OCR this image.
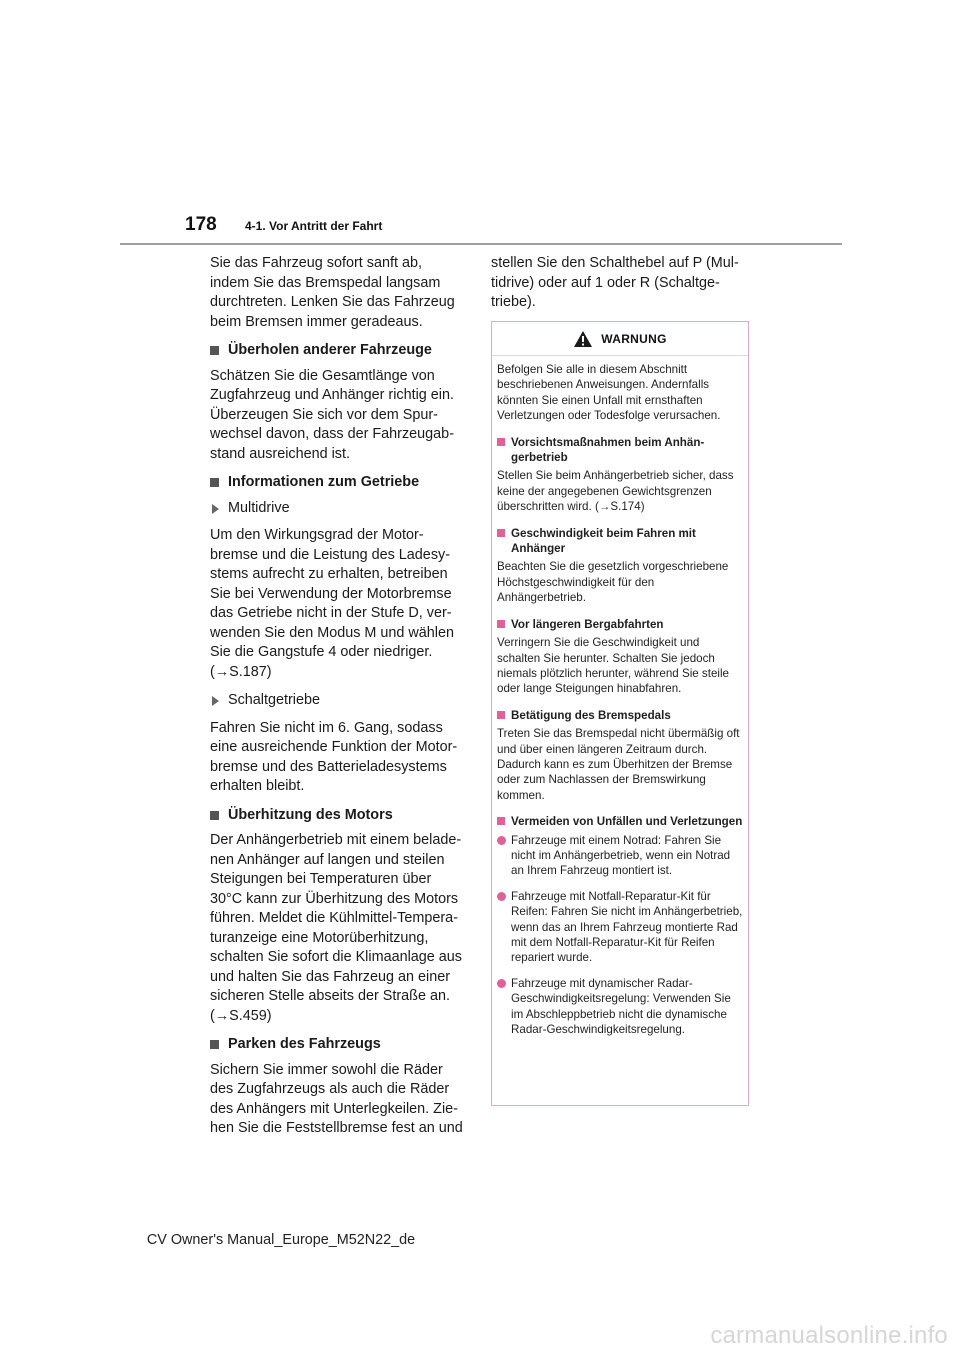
178 4-1. Vor Antritt der Fahrt

Sie das Fahrzeug sofort sanft ab, indem Sie das Bremspedal langsam durchtreten. Lenken Sie das Fahrzeug beim Bremsen immer geradeaus.

Überholen anderer Fahrzeuge

Schätzen Sie die Gesamtlänge von Zugfahrzeug und Anhänger richtig ein. Überzeugen Sie sich vor dem Spurwechsel davon, dass der Fahrzeugabstand ausreichend ist.

Informationen zum Getriebe
Multidrive

Um den Wirkungsgrad der Motorbremse und die Leistung des Ladesystems aufrecht zu erhalten, betreiben Sie bei Verwendung der Motorbremse das Getriebe nicht in der Stufe D, verwenden Sie den Modus M und wählen Sie die Gangstufe 4 oder niedriger. (→S.187)

Schaltgetriebe

Fahren Sie nicht im 6. Gang, sodass eine ausreichende Funktion der Motorbremse und des Batterieladesystems erhalten bleibt.

Überhitzung des Motors

Der Anhängerbetrieb mit einem beladenen Anhänger auf langen und steilen Steigungen bei Temperaturen über 30°C kann zur Überhitzung des Motors führen. Meldet die Kühlmittel-Temperaturanzeige eine Motorüberhitzung, schalten Sie sofort die Klimaanlage aus und halten Sie das Fahrzeug an einer sicheren Stelle abseits der Straße an. (→S.459)

Parken des Fahrzeugs

Sichern Sie immer sowohl die Räder des Zugfahrzeugs als auch die Räder des Anhängers mit Unterlegkeilen. Ziehen Sie die Feststellbremse fest an und

stellen Sie den Schalthebel auf P (Multidrive) oder auf 1 oder R (Schaltgetriebe).

WARNUNG

Befolgen Sie alle in diesem Abschnitt beschriebenen Anweisungen. Andernfalls könnten Sie einen Unfall mit ernsthaften Verletzungen oder Todesfolge verursachen.

Vorsichtsmaßnahmen beim Anhängerbetrieb

Stellen Sie beim Anhängerbetrieb sicher, dass keine der angegebenen Gewichtsgrenzen überschritten wird. (→S.174)

Geschwindigkeit beim Fahren mit Anhänger

Beachten Sie die gesetzlich vorgeschriebene Höchstgeschwindigkeit für den Anhängerbetrieb.

Vor längeren Bergabfahrten

Verringern Sie die Geschwindigkeit und schalten Sie herunter. Schalten Sie jedoch niemals plötzlich herunter, während Sie steile oder lange Steigungen hinabfahren.

Betätigung des Bremspedals

Treten Sie das Bremspedal nicht übermäßig oft und über einen längeren Zeitraum durch. Dadurch kann es zum Überhitzen der Bremse oder zum Nachlassen der Bremswirkung kommen.

Vermeiden von Unfällen und Verletzungen
Fahrzeuge mit einem Notrad: Fahren Sie nicht im Anhängerbetrieb, wenn ein Notrad an Ihrem Fahrzeug montiert ist.
Fahrzeuge mit Notfall-Reparatur-Kit für Reifen: Fahren Sie nicht im Anhängerbetrieb, wenn das an Ihrem Fahrzeug montierte Rad mit dem Notfall-Reparatur-Kit für Reifen repariert wurde.
Fahrzeuge mit dynamischer Radar-Geschwindigkeitsregelung: Verwenden Sie im Abschleppbetrieb nicht die dynamische Radar-Geschwindigkeitsregelung.
CV Owner's Manual_Europe_M52N22_de
carmanualsonline.info
